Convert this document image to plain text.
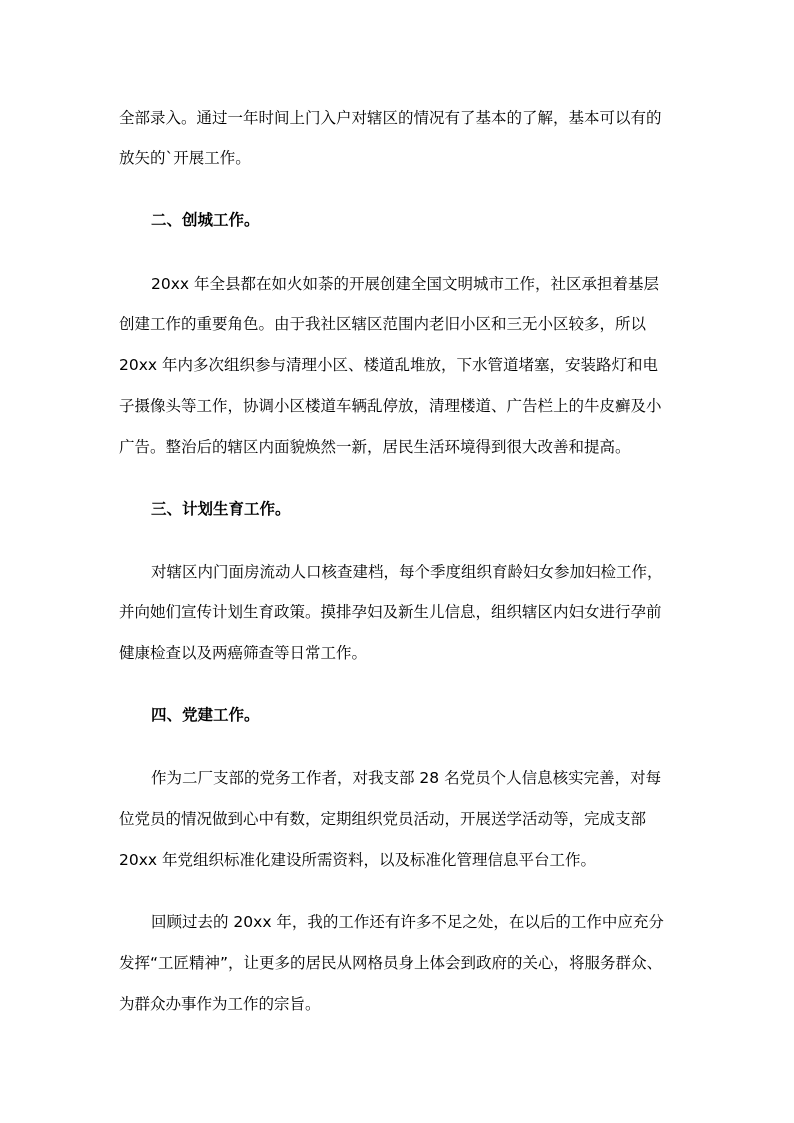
全部录入。通过一年时间上门入户对辖区的情况有了基本的了解，基本可以有的
放矢的`开展工作。
二、创城工作。
20xx 年全县都在如火如荼的开展创建全国文明城市工作，社区承担着基层
创建工作的重要角色。由于我社区辖区范围内老旧小区和三无小区较多，所以
20xx 年内多次组织参与清理小区、楼道乱堆放，下水管道堵塞，安装路灯和电
子摄像头等工作，协调小区楼道车辆乱停放，清理楼道、广告栏上的牛皮癣及小
广告。整治后的辖区内面貌焕然一新，居民生活环境得到很大改善和提高。
三、计划生育工作。
对辖区内门面房流动人口核查建档，每个季度组织育龄妇女参加妇检工作，
并向她们宣传计划生育政策。摸排孕妇及新生儿信息，组织辖区内妇女进行孕前
健康检查以及两癌筛查等日常工作。
四、党建工作。
作为二厂支部的党务工作者，对我支部 28 名党员个人信息核实完善，对每
位党员的情况做到心中有数，定期组织党员活动，开展送学活动等，完成支部
20xx 年党组织标准化建设所需资料，以及标准化管理信息平台工作。
回顾过去的 20xx 年，我的工作还有许多不足之处，在以后的工作中应充分
发挥“工匠精神”，让更多的居民从网格员身上体会到政府的关心，将服务群众、
为群众办事作为工作的宗旨。
